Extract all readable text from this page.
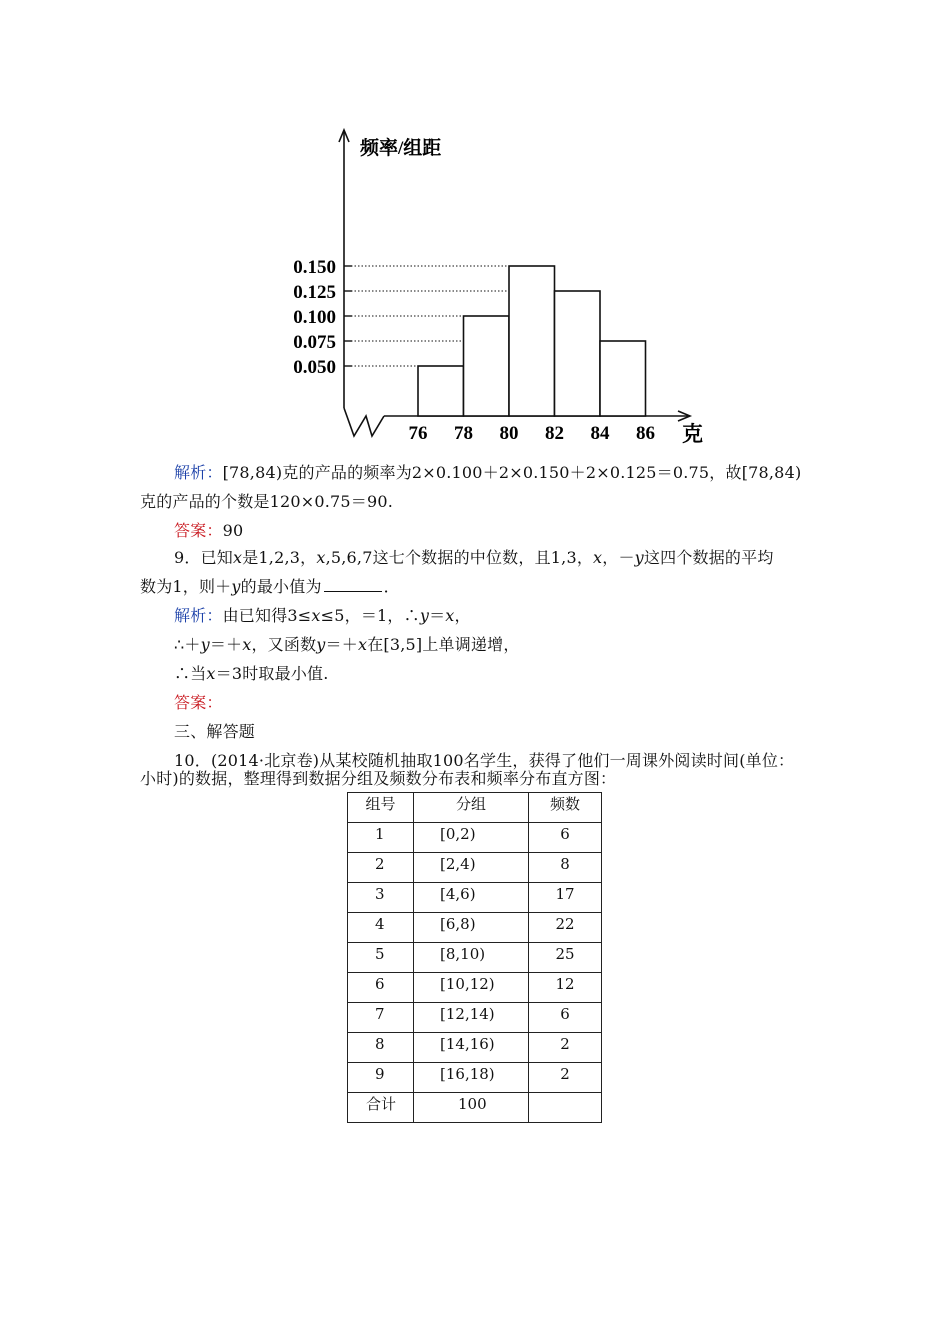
0.150
0.125
0.100
0.075
0.050
76 78 80 82 84 86
频率/组距
克
解析：[78,84)克的产品的频率为2×0.100＋2×0.150＋2×0.125＝0.75，故[78,84)
克的产品的个数是120×0.75＝90.
答案：90
9．已知x是1,2,3，x,5,6,7这七个数据的中位数，且1,3，x，－y这四个数据的平均
数为1，则＋y的最小值为	．
解析：由已知得3≤x≤5，＝1，∴y＝x，
∴＋y＝＋x，又函数y＝＋x在[3,5]上单调递增，
∴当x＝3时取最小值.
答案：
三、解答题
10．(2014·北京卷)从某校随机抽取100名学生，获得了他们一周课外阅读时间(单位：
小时)的数据，整理得到数据分组及频数分布表和频率分布直方图：
组号	分组	频数
1	[0,2)	6
2	[2,4)	8
3	[4,6)	17
4	[6,8)	22
5	[8,10)	25
6	[10,12)	12
7	[12,14)	6
8	[14,16)	2
9	[16,18)	2
合计	100	
